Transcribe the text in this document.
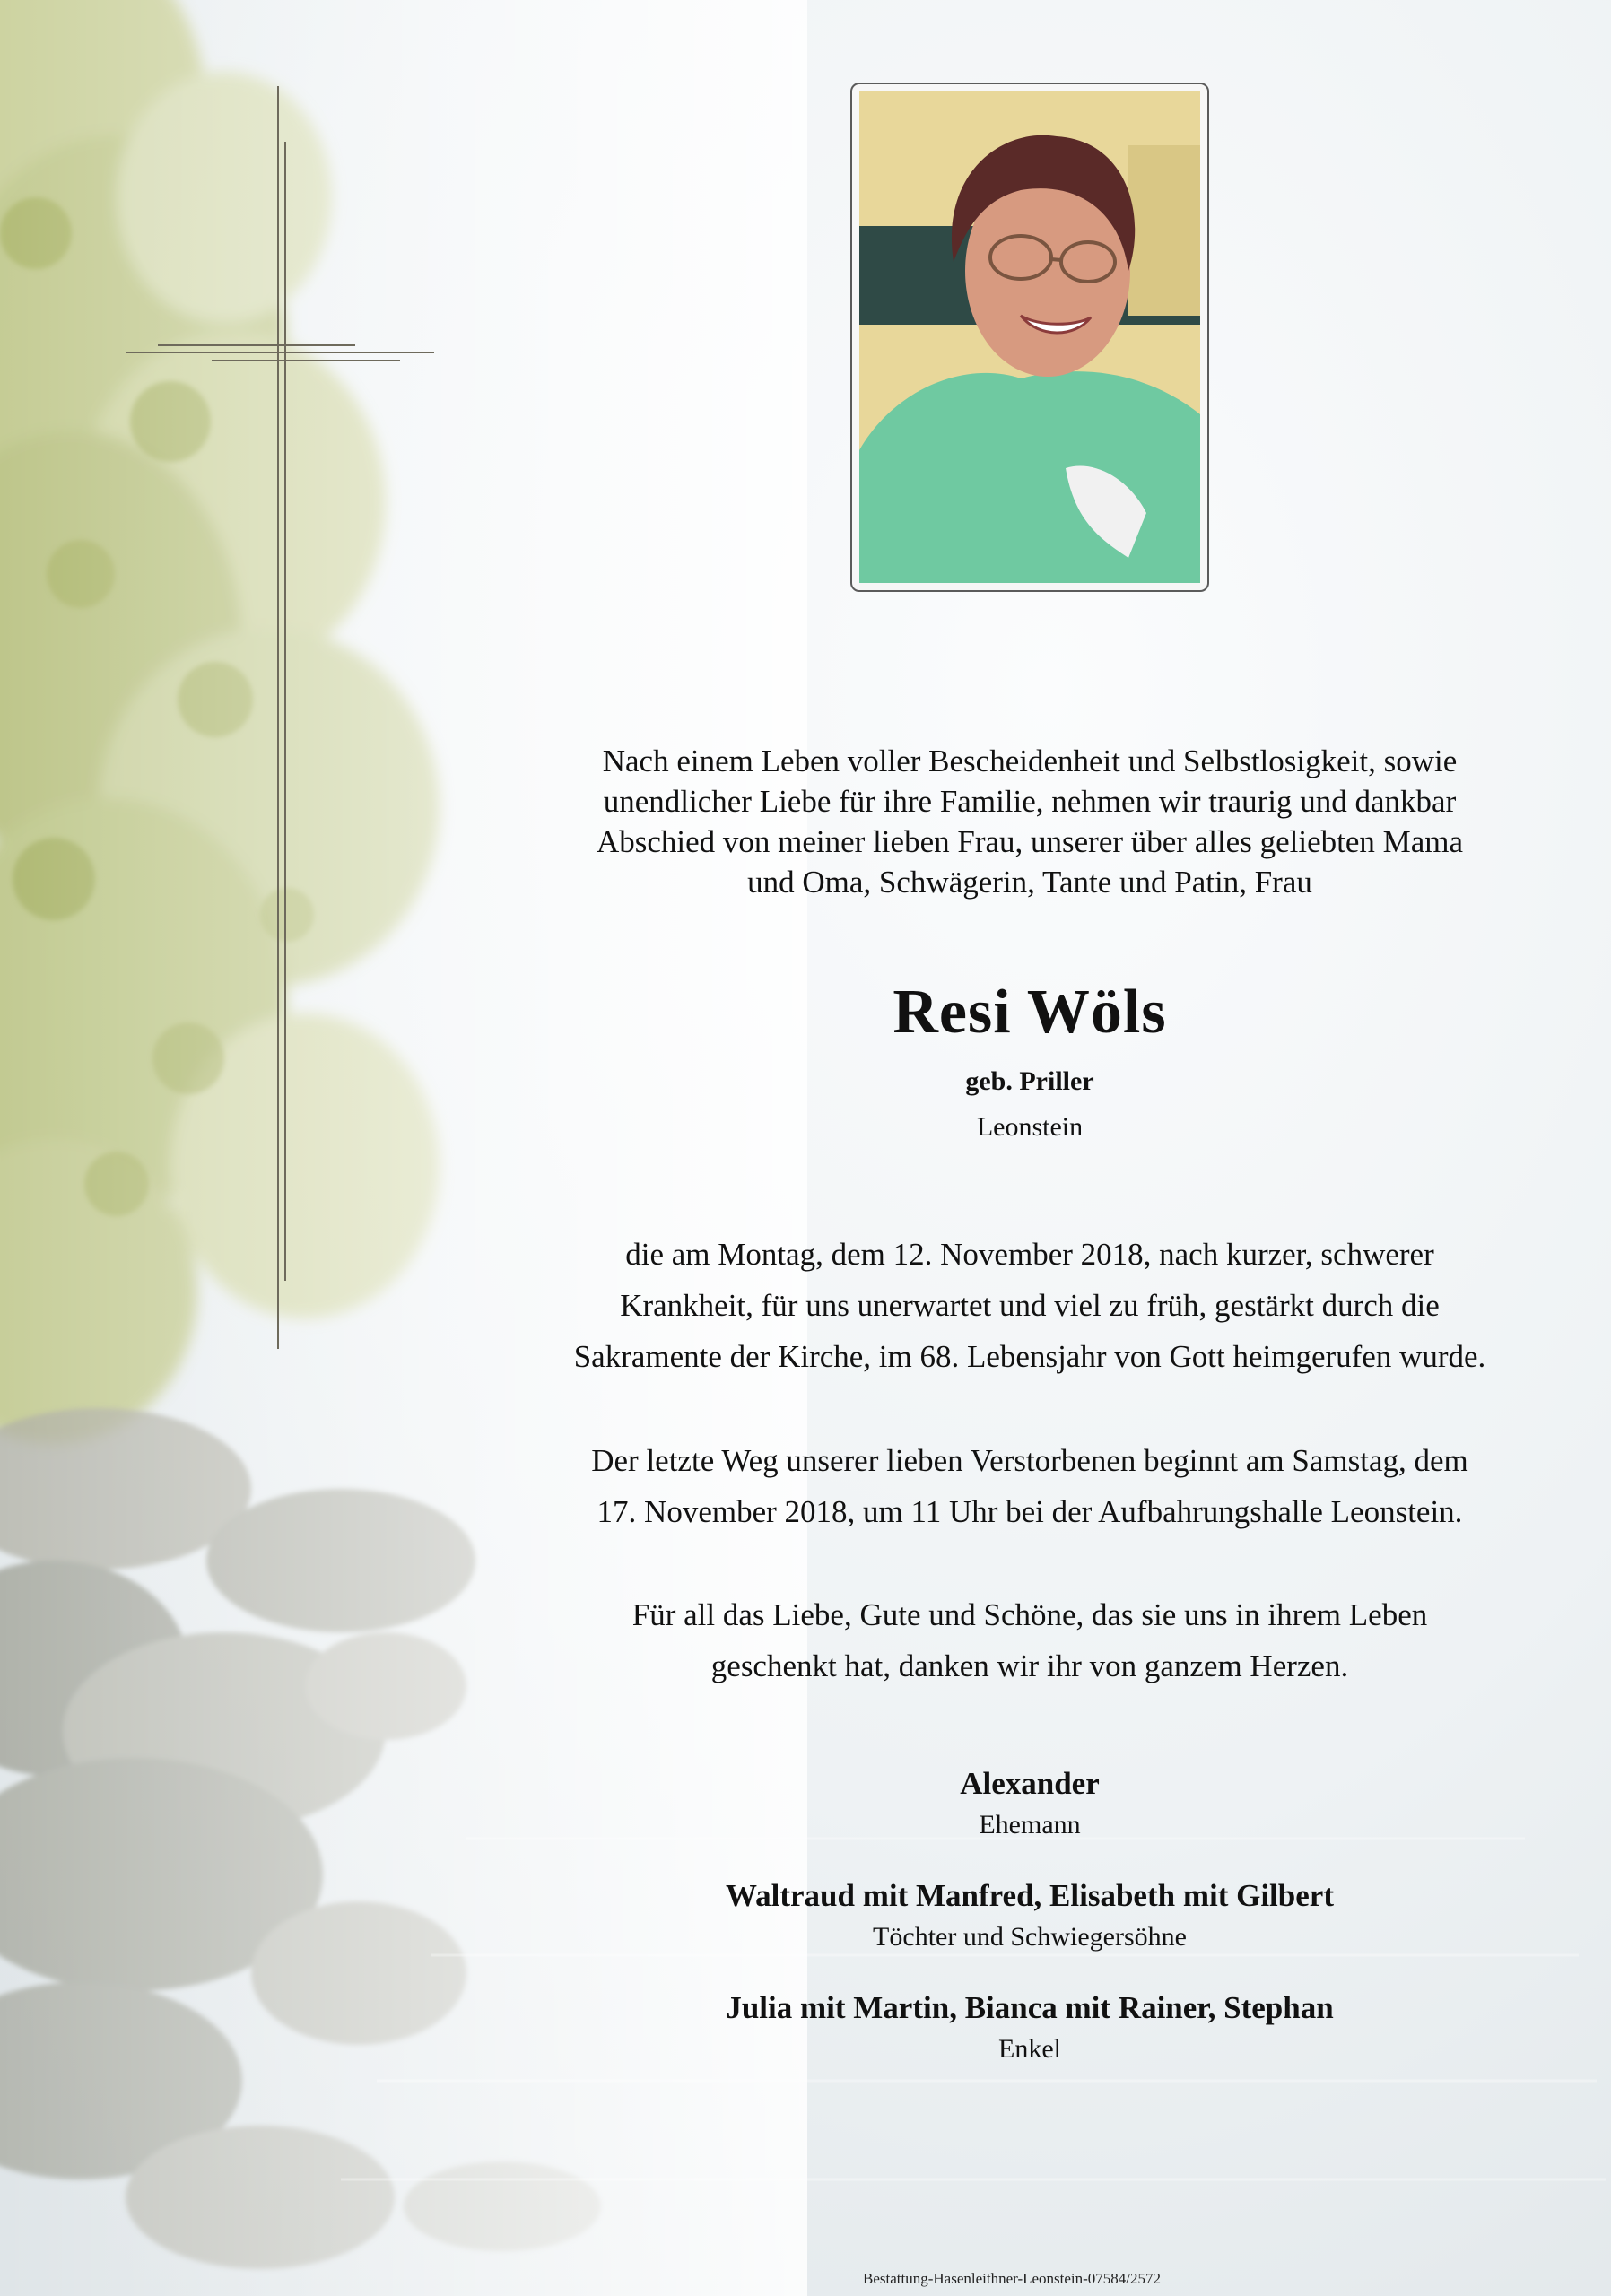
Nach einem Leben voller Bescheidenheit und Selbstlosigkeit, sowie
unendlicher Liebe für ihre Familie, nehmen wir traurig und dankbar
Abschied von meiner lieben Frau, unserer über alles geliebten Mama
und Oma, Schwägerin, Tante und Patin, Frau
Resi Wöls
geb. Priller
Leonstein
die am Montag, dem 12. November 2018, nach kurzer, schwerer
Krankheit, für uns unerwartet und viel zu früh, gestärkt durch die
Sakramente der Kirche, im 68. Lebensjahr von Gott heimgerufen wurde.
Der letzte Weg unserer lieben Verstorbenen beginnt am Samstag, dem
17. November 2018, um 11 Uhr bei der Aufbahrungshalle Leonstein.
Für all das Liebe, Gute und Schöne, das sie uns in ihrem Leben
geschenkt hat, danken wir ihr von ganzem Herzen.
Alexander
Ehemann
Waltraud mit Manfred, Elisabeth mit Gilbert
Töchter und Schwiegersöhne
Julia mit Martin, Bianca mit Rainer, Stephan
Enkel
Bestattung-Hasenleithner-Leonstein-07584/2572
